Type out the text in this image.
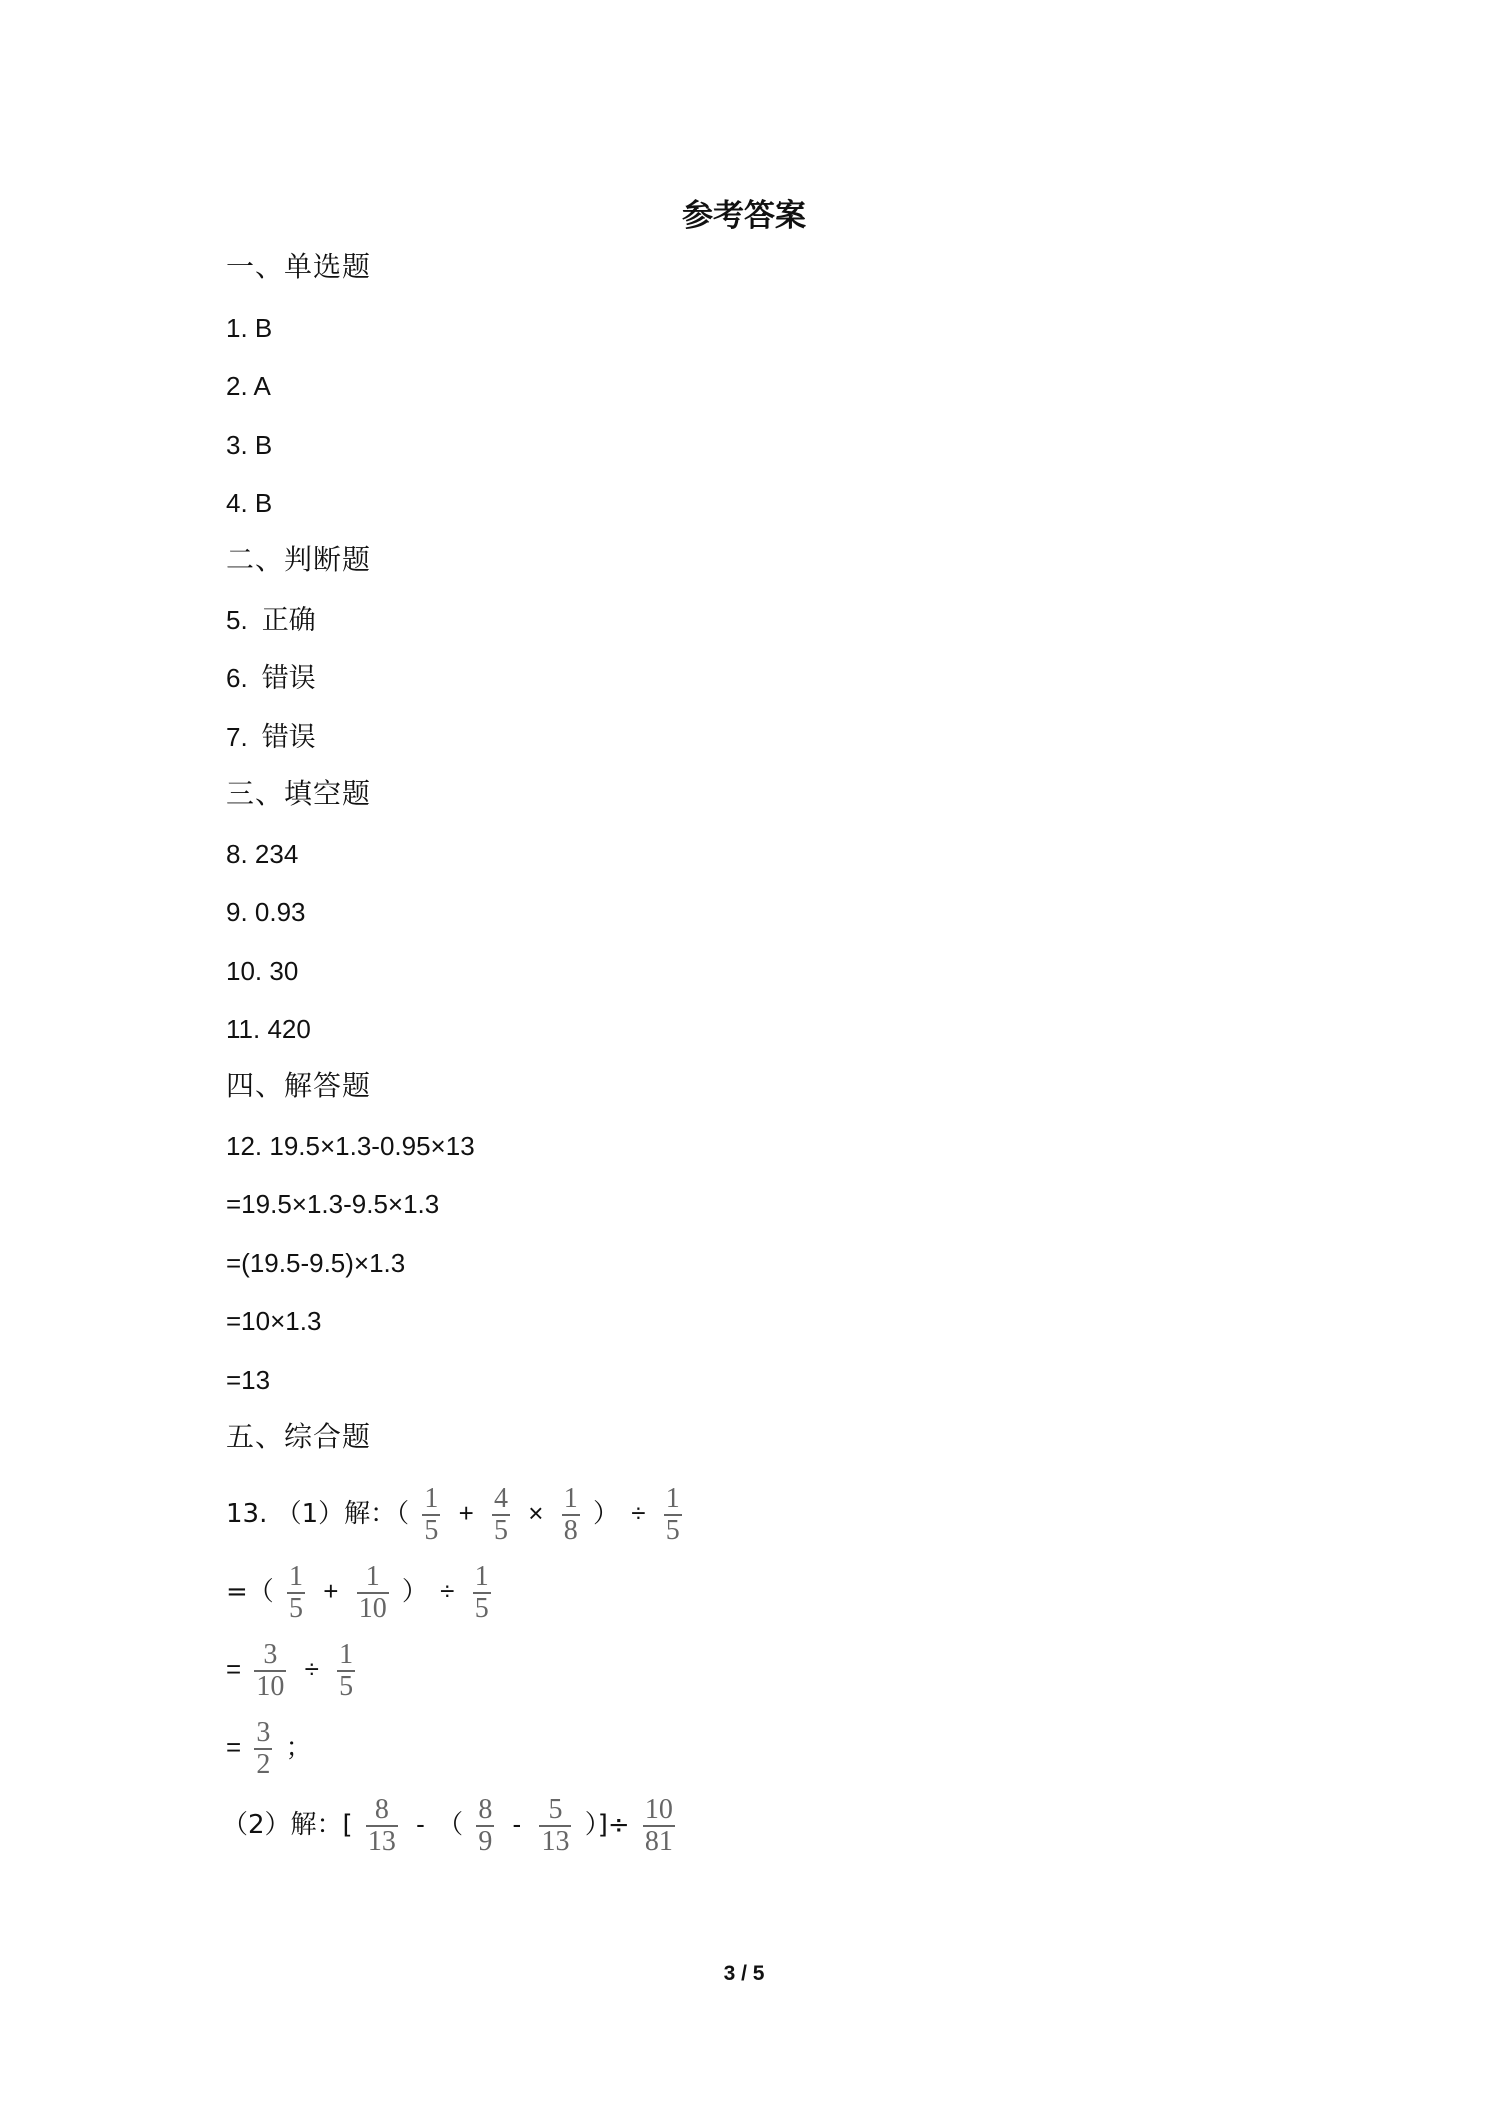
参考答案
一、单选题
1. B
2. A
3. B
4. B
二、判断题
5. 正确
6. 错误
7. 错误
三、填空题
8. 234
9. 0.93
10. 30
11. 420
四、解答题
12. 19.5×1.3-0.95×13
=19.5×1.3-9.5×1.3
=(19.5-9.5)×1.3
=10×1.3
=13
五、综合题
13. （1）解：（ $\frac{1}{5} + \frac{4}{5} \times \frac{1}{8}$ ） ÷ $\frac{1}{5}$
=（ $\frac{1}{5} + \frac{1}{10}$ ） ÷ $\frac{1}{5}$
= $\frac{3}{10} \div \frac{1}{5}$
= $\frac{3}{2}$ ；
（2）解：[ $\frac{8}{13}$ - （ $\frac{8}{9} - \frac{5}{13}$ ）]÷ $\frac{10}{81}$
3 / 5
